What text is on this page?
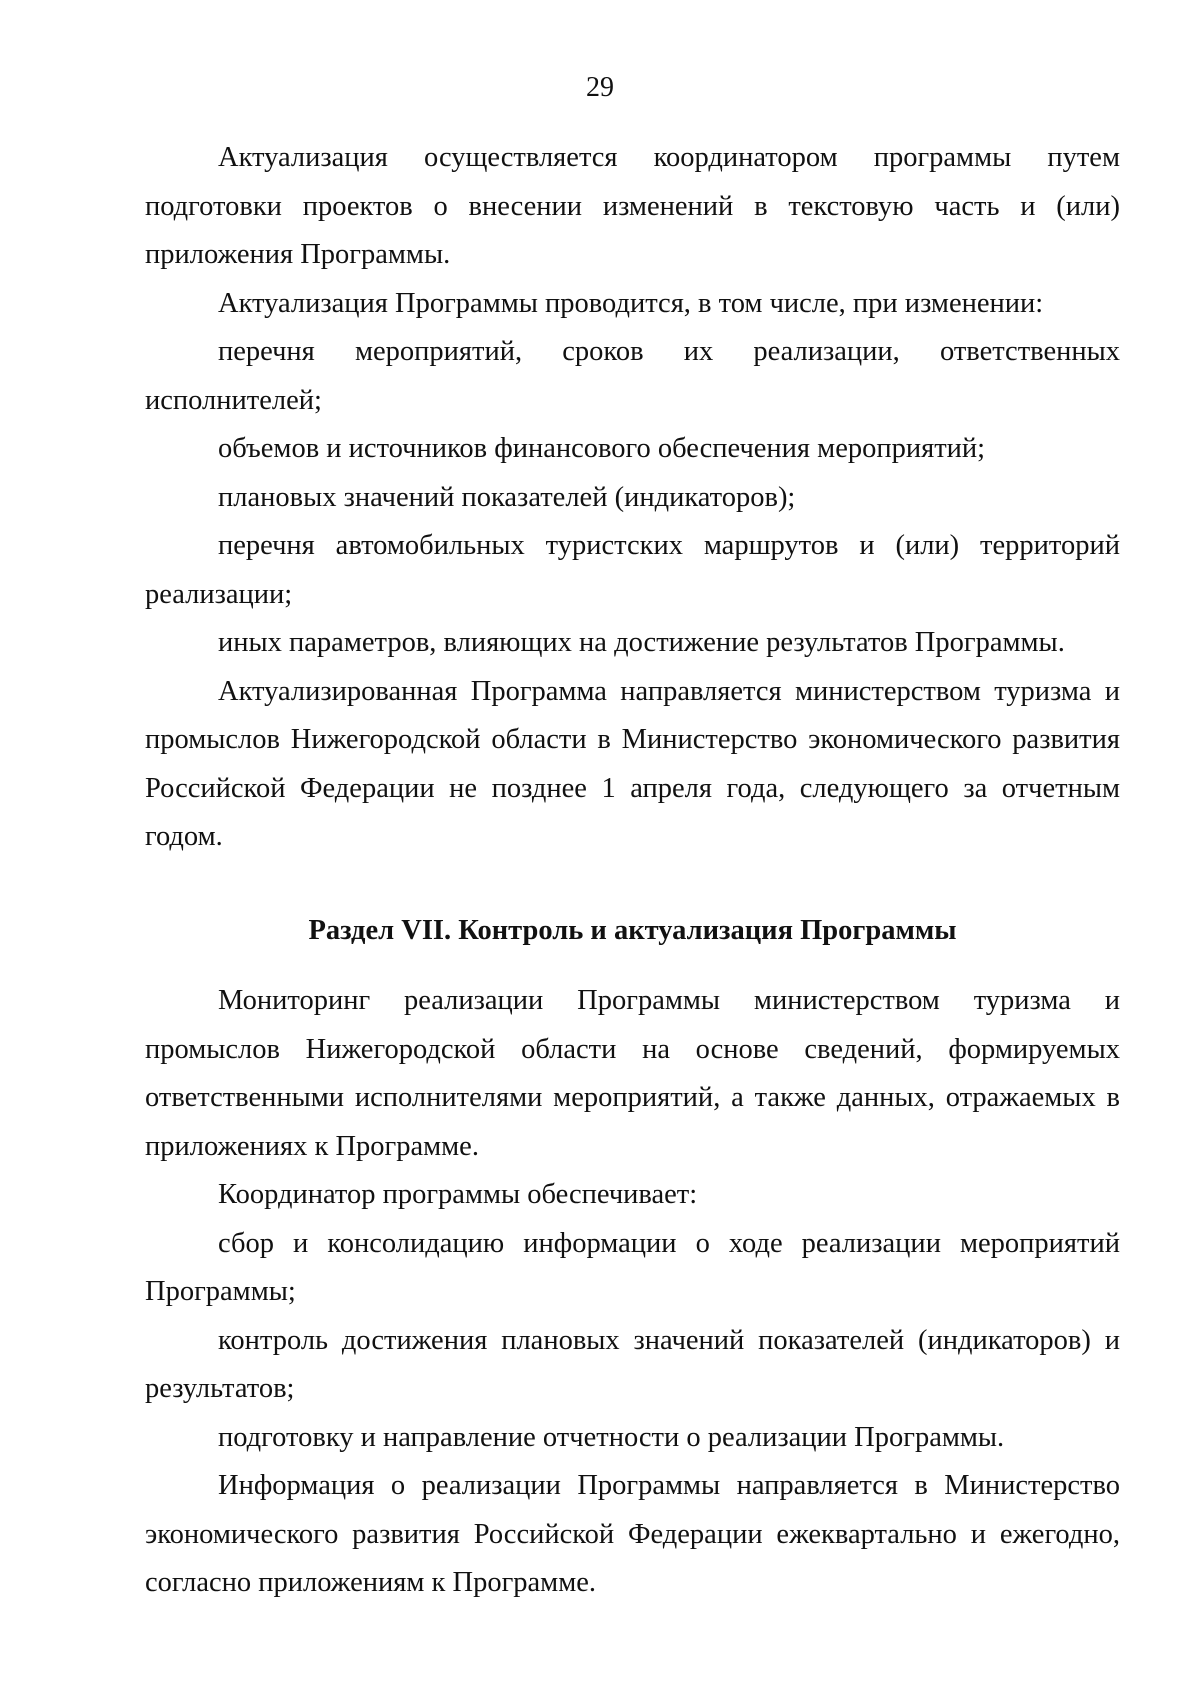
29

Актуализация осуществляется координатором программы путем подготовки проектов о внесении изменений в текстовую часть и (или) приложения Программы.

Актуализация Программы проводится, в том числе, при изменении:

перечня мероприятий, сроков их реализации, ответственных исполнителей;

объемов и источников финансового обеспечения мероприятий;

плановых значений показателей (индикаторов);

перечня автомобильных туристских маршрутов и (или) территорий реализации;

иных параметров, влияющих на достижение результатов Программы.

Актуализированная Программа направляется министерством туризма и промыслов Нижегородской области в Министерство экономического развития Российской Федерации не позднее 1 апреля года, следующего за отчетным годом.

Раздел VII. Контроль и актуализация Программы

Мониторинг реализации Программы министерством туризма и промыслов Нижегородской области на основе сведений, формируемых ответственными исполнителями мероприятий, а также данных, отражаемых в приложениях к Программе.

Координатор программы обеспечивает:

сбор и консолидацию информации о ходе реализации мероприятий Программы;

контроль достижения плановых значений показателей (индикаторов) и результатов;

подготовку и направление отчетности о реализации Программы.

Информация о реализации Программы направляется в Министерство экономического развития Российской Федерации ежеквартально и ежегодно, согласно приложениям к Программе.
